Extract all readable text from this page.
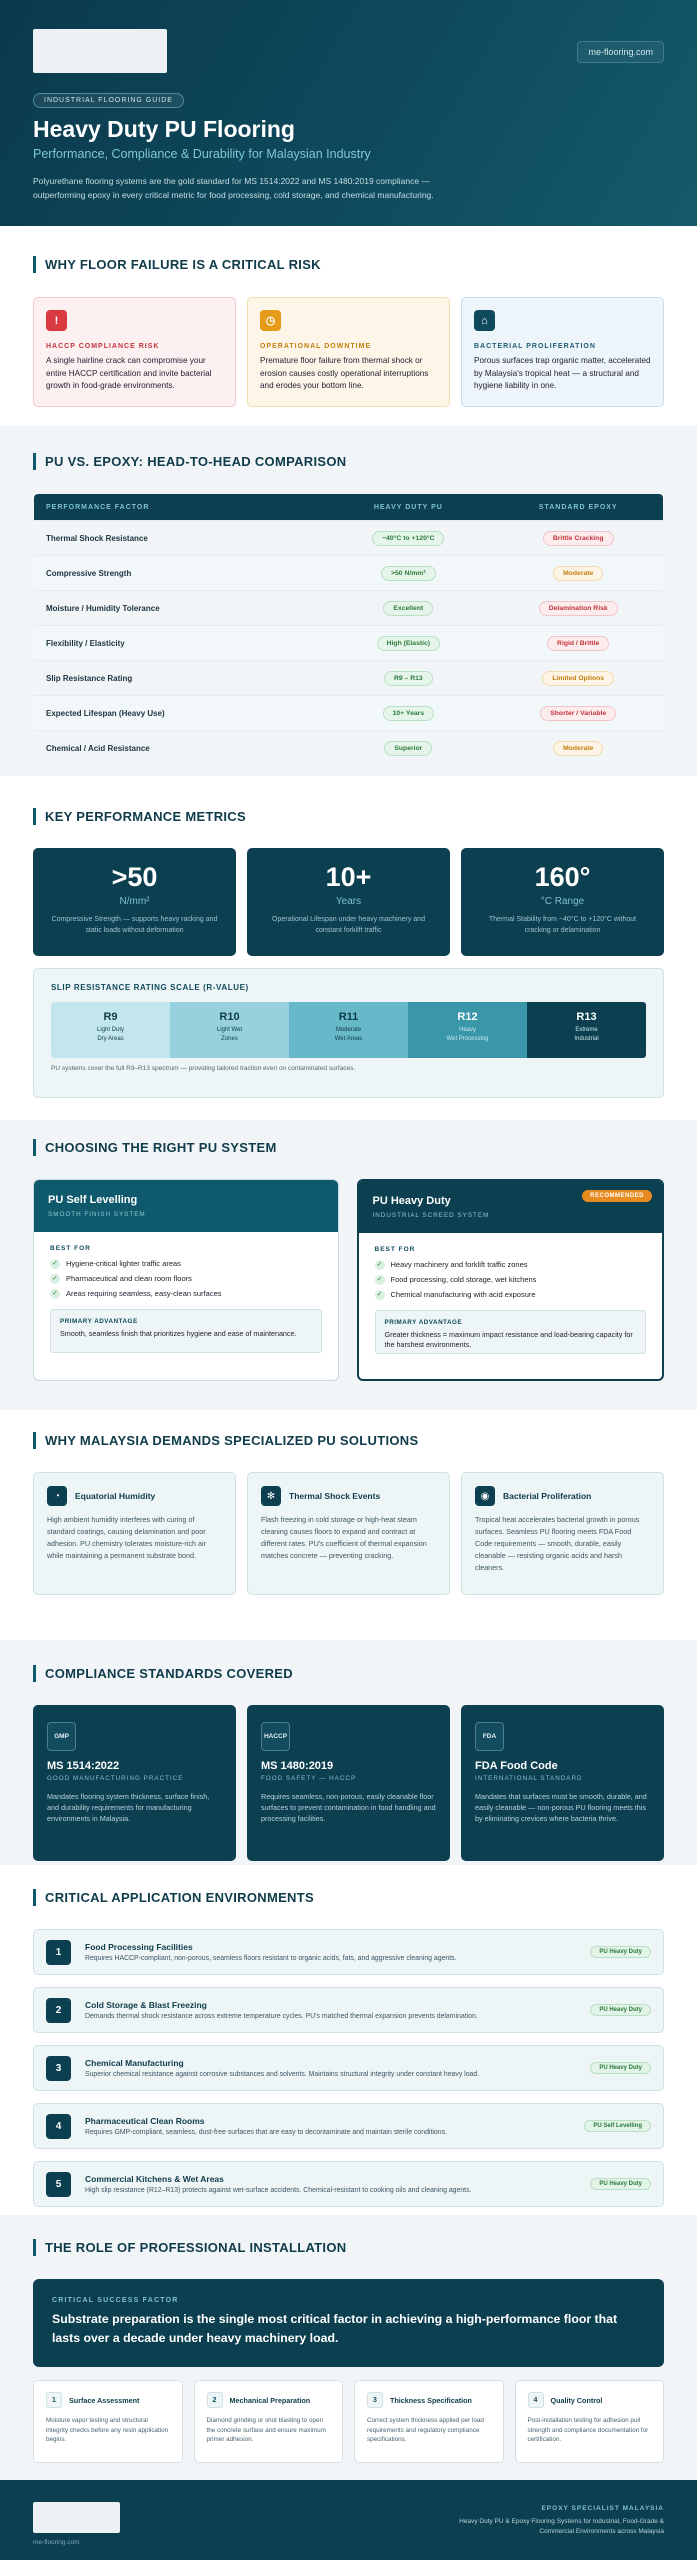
me-flooring.com
INDUSTRIAL FLOORING GUIDE
Heavy Duty PU Flooring
Performance, Compliance & Durability for Malaysian Industry
Polyurethane flooring systems are the gold standard for MS 1514:2022 and MS 1480:2019 compliance — outperforming epoxy in every critical metric for food processing, cold storage, and chemical manufacturing.
WHY FLOOR FAILURE IS A CRITICAL RISK
!
HACCP COMPLIANCE RISK
A single hairline crack can compromise your entire HACCP certification and invite bacterial growth in food-grade environments.
◷
OPERATIONAL DOWNTIME
Premature floor failure from thermal shock or erosion causes costly operational interruptions and erodes your bottom line.
⌂
BACTERIAL PROLIFERATION
Porous surfaces trap organic matter, accelerated by Malaysia's tropical heat — a structural and hygiene liability in one.
PU VS. EPOXY: HEAD-TO-HEAD COMPARISON
PERFORMANCE FACTOR	HEAVY DUTY PU	STANDARD EPOXY
Thermal Shock Resistance	−40°C to +120°C	Brittle Cracking
Compressive Strength	>50 N/mm²	Moderate
Moisture / Humidity Tolerance	Excellent	Delamination Risk
Flexibility / Elasticity	High (Elastic)	Rigid / Brittle
Slip Resistance Rating	R9 – R13	Limited Options
Expected Lifespan (Heavy Use)	10+ Years	Shorter / Variable
Chemical / Acid Resistance	Superior	Moderate
KEY PERFORMANCE METRICS
>50
N/mm²
Compressive Strength — supports heavy racking and static loads without deformation
10+
Years
Operational Lifespan under heavy machinery and constant forklift traffic
160°
°C Range
Thermal Stability from −40°C to +120°C without cracking or delamination
SLIP RESISTANCE RATING SCALE (R-VALUE)
R9
Light Duty
Dry Areas
R10
Light Wet
Zones
R11
Moderate
Wet Areas
R12
Heavy
Wet Processing
R13
Extreme
Industrial
PU systems cover the full R9–R13 spectrum — providing tailored traction even on contaminated surfaces.
CHOOSING THE RIGHT PU SYSTEM
PU Self Levelling
SMOOTH FINISH SYSTEM
BEST FOR
✓	Hygiene-critical lighter traffic areas
✓	Pharmaceutical and clean room floors
✓	Areas requiring seamless, easy-clean surfaces
PRIMARY ADVANTAGE
Smooth, seamless finish that prioritizes hygiene and ease of maintenance.
PU Heavy Duty
INDUSTRIAL SCREED SYSTEM
RECOMMENDED
BEST FOR
✓	Heavy machinery and forklift traffic zones
✓	Food processing, cold storage, wet kitchens
✓	Chemical manufacturing with acid exposure
PRIMARY ADVANTAGE
Greater thickness = maximum impact resistance and load-bearing capacity for the harshest environments.
WHY MALAYSIA DEMANDS SPECIALIZED PU SOLUTIONS
◔	Equatorial Humidity
High ambient humidity interferes with curing of standard coatings, causing delamination and poor adhesion. PU chemistry tolerates moisture-rich air while maintaining a permanent substrate bond.
✻	Thermal Shock Events
Flash freezing in cold storage or high-heat steam cleaning causes floors to expand and contract at different rates. PU's coefficient of thermal expansion matches concrete — preventing cracking.
◉	Bacterial Proliferation
Tropical heat accelerates bacterial growth in porous surfaces. Seamless PU flooring meets FDA Food Code requirements — smooth, durable, easily cleanable — resisting organic acids and harsh cleaners.
COMPLIANCE STANDARDS COVERED
GMP
MS 1514:2022
GOOD MANUFACTURING PRACTICE
Mandates flooring system thickness, surface finish, and durability requirements for manufacturing environments in Malaysia.
HACCP
MS 1480:2019
FOOD SAFETY — HACCP
Requires seamless, non-porous, easily cleanable floor surfaces to prevent contamination in food handling and processing facilities.
FDA
FDA Food Code
INTERNATIONAL STANDARD
Mandates that surfaces must be smooth, durable, and easily cleanable — non-porous PU flooring meets this by eliminating crevices where bacteria thrive.
CRITICAL APPLICATION ENVIRONMENTS
1	Food Processing Facilities
Requires HACCP-compliant, non-porous, seamless floors resistant to organic acids, fats, and aggressive cleaning agents.
PU Heavy Duty
2	Cold Storage & Blast Freezing
Demands thermal shock resistance across extreme temperature cycles. PU's matched thermal expansion prevents delamination.
PU Heavy Duty
3	Chemical Manufacturing
Superior chemical resistance against corrosive substances and solvents. Maintains structural integrity under constant heavy load.
PU Heavy Duty
4	Pharmaceutical Clean Rooms
Requires GMP-compliant, seamless, dust-free surfaces that are easy to decontaminate and maintain sterile conditions.
PU Self Levelling
5	Commercial Kitchens & Wet Areas
High slip resistance (R12–R13) protects against wet-surface accidents. Chemical-resistant to cooking oils and cleaning agents.
PU Heavy Duty
THE ROLE OF PROFESSIONAL INSTALLATION
CRITICAL SUCCESS FACTOR
Substrate preparation is the single most critical factor in achieving a high-performance floor that lasts over a decade under heavy machinery load.
1	Surface Assessment
Moisture vapor testing and structural integrity checks before any resin application begins.
2	Mechanical Preparation
Diamond grinding or shot blasting to open the concrete surface and ensure maximum primer adhesion.
3	Thickness Specification
Correct system thickness applied per load requirements and regulatory compliance specifications.
4	Quality Control
Post-installation testing for adhesion pull strength and compliance documentation for certification.
me-flooring.com
EPOXY SPECIALIST MALAYSIA
Heavy Duty PU & Epoxy Flooring Systems for Industrial, Food-Grade & Commercial Environments across Malaysia
